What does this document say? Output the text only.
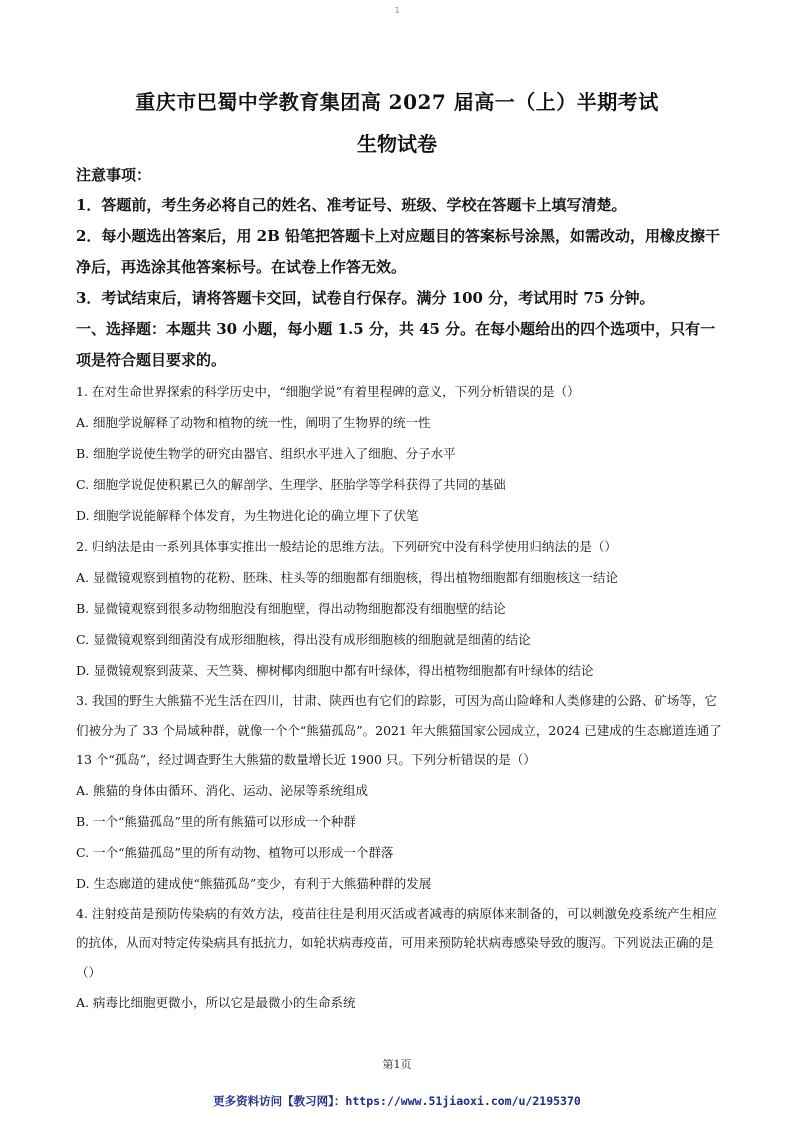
1
重庆市巴蜀中学教育集团高 2027 届高一（上）半期考试
生物试卷

注意事项：

1．答题前，考生务必将自己的姓名、准考证号、班级、学校在答题卡上填写清楚。

2．每小题选出答案后，用 2B 铅笔把答题卡上对应题目的答案标号涂黑，如需改动，用橡皮擦干净后，再选涂其他答案标号。在试卷上作答无效。

3．考试结束后，请将答题卡交回，试卷自行保存。满分 100 分，考试用时 75 分钟。

一、选择题：本题共 30 小题，每小题 1.5 分，共 45 分。在每小题给出的四个选项中，只有一项是符合题目要求的。

1. 在对生命世界探索的科学历史中，“细胞学说”有着里程碑的意义，下列分析错误的是（）

A. 细胞学说解释了动物和植物的统一性，阐明了生物界的统一性

B. 细胞学说使生物学的研究由器官、组织水平进入了细胞、分子水平

C. 细胞学说促使积累已久的解剖学、生理学、胚胎学等学科获得了共同的基础

D. 细胞学说能解释个体发育，为生物进化论的确立埋下了伏笔

2. 归纳法是由一系列具体事实推出一般结论的思维方法。下列研究中没有科学使用归纳法的是（）

A. 显微镜观察到植物的花粉、胚珠、柱头等的细胞都有细胞核，得出植物细胞都有细胞核这一结论

B. 显微镜观察到很多动物细胞没有细胞壁，得出动物细胞都没有细胞壁的结论

C. 显微镜观察到细菌没有成形细胞核，得出没有成形细胞核的细胞就是细菌的结论

D. 显微镜观察到菠菜、天竺葵、柳树椰肉细胞中都有叶绿体，得出植物细胞都有叶绿体的结论

3. 我国的野生大熊猫不光生活在四川，甘肃、陕西也有它们的踪影，可因为高山险峰和人类修建的公路、矿场等，它们被分为了 33 个局域种群，就像一个个“熊猫孤岛”。2021 年大熊猫国家公园成立，2024 已建成的生态廊道连通了 13 个“孤岛”，经过调查野生大熊猫的数量增长近 1900 只。下列分析错误的是（）

A. 熊猫的身体由循环、消化、运动、泌尿等系统组成

B. 一个“熊猫孤岛”里的所有熊猫可以形成一个种群

C. 一个“熊猫孤岛”里的所有动物、植物可以形成一个群落

D. 生态廊道的建成使“熊猫孤岛”变少，有利于大熊猫种群的发展

4. 注射疫苗是预防传染病的有效方法，疫苗往往是利用灭活或者减毒的病原体来制备的，可以刺激免疫系统产生相应的抗体，从而对特定传染病具有抵抗力，如轮状病毒疫苗，可用来预防轮状病毒感染导致的腹泻。下列说法正确的是（）

A. 病毒比细胞更微小，所以它是最微小的生命系统

第1页
更多资料访问【教习网】：https://www.51jiaoxi.com/u/2195370
